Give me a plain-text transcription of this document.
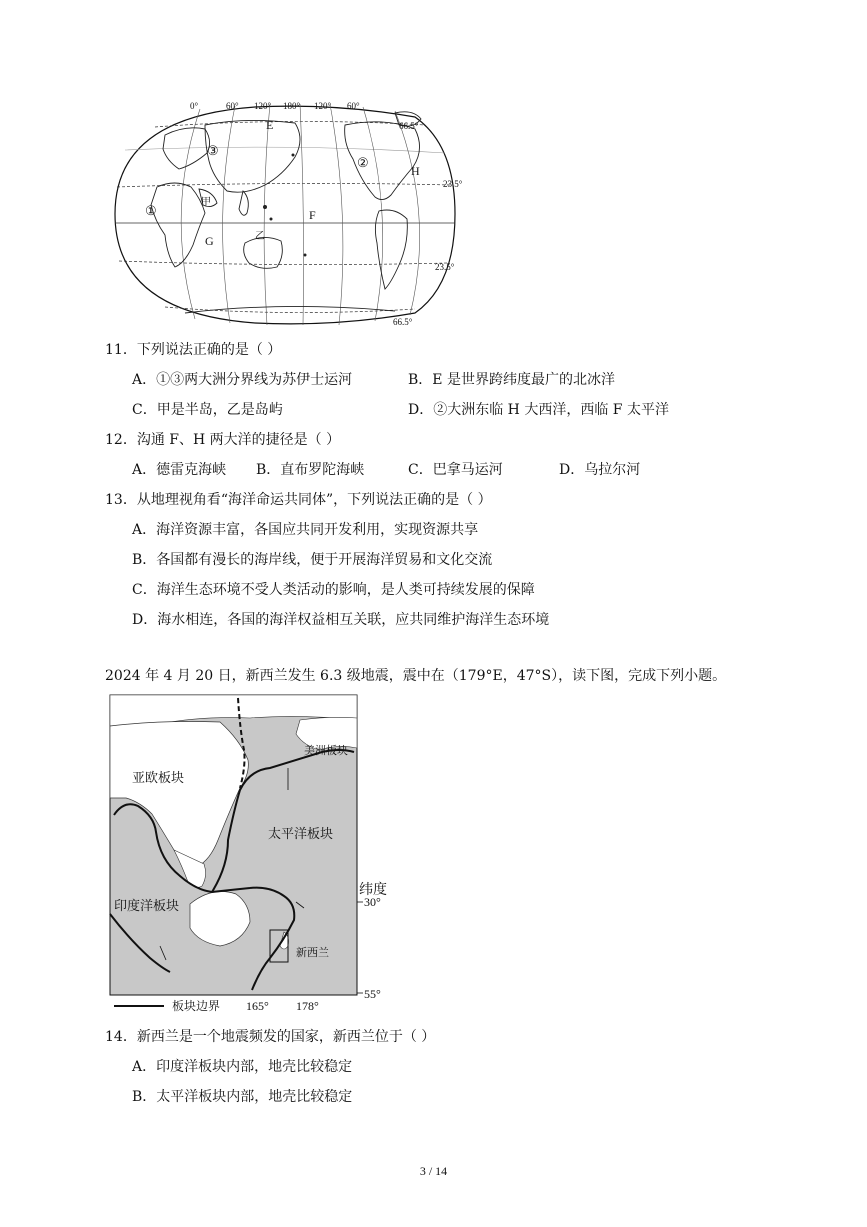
0°	60° 120° 180° 120° 60°
66.5°
23.5°
23.5°
66.5°
E
H
F
G
③
②
①
甲
乙
11．下列说法正确的是（ ）
A．①③两大洲分界线为苏伊士运河	B．E 是世界跨纬度最广的北冰洋
C．甲是半岛，乙是岛屿	D．②大洲东临 H 大西洋，西临 F 太平洋
12．沟通 F、H 两大洋的捷径是（ ）
A．德雷克海峡 B．直布罗陀海峡	C．巴拿马运河	D．乌拉尔河
13．从地理视角看“海洋命运共同体”，下列说法正确的是（ ）
A．海洋资源丰富，各国应共同开发利用，实现资源共享
B．各国都有漫长的海岸线，便于开展海洋贸易和文化交流
C．海洋生态环境不受人类活动的影响，是人类可持续发展的保障
D．海水相连，各国的海洋权益相互关联，应共同维护海洋生态环境
2024 年 4 月 20 日，新西兰发生 6.3 级地震，震中在（179°E，47°S），读下图，完成下列小题。
美洲板块
亚欧板块
太平洋板块
印度洋板块
新西兰
纬度
30°
55°
板块边界 165° 178°
14．新西兰是一个地震频发的国家，新西兰位于（ ）
A．印度洋板块内部，地壳比较稳定
B．太平洋板块内部，地壳比较稳定
3 / 14
